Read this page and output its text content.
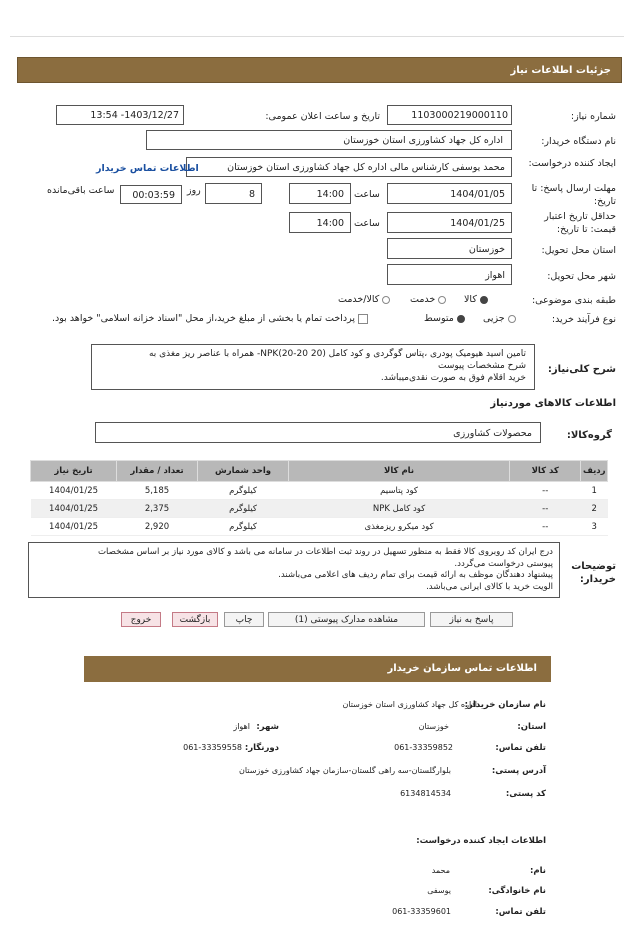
جزئیات اطلاعات نیاز
شماره نیاز:
1103000219000110
تاریخ و ساعت اعلان عمومی:
1403/12/27- 13:54
نام دستگاه خریدار:
اداره کل جهاد کشاورزی استان خوزستان
ایجاد کننده درخواست:
محمد یوسفی کارشناس مالی اداره کل جهاد کشاورزی استان خوزستان
اطلاعات تماس خریدار
مهلت ارسال پاسخ: تا تاریخ:
1404/01/05
ساعت
14:00
8
روز
00:03:59
ساعت باقی‌مانده
حداقل تاریخ اعتبار قیمت: تا تاریخ:
1404/01/25
ساعت
14:00
استان محل تحویل:
خوزستان
شهر محل تحویل:
اهواز
طبقه بندی موضوعی:
کالا
خدمت
کالا/خدمت
نوع فرآیند خرید:
جزیی
متوسط
پرداخت تمام یا بخشی از مبلغ خرید،از محل "اسناد خزانه اسلامی" خواهد بود.
شرح کلی‌نیاز:
تامین اسید هیومیک پودری ،پتاس گوگردی و کود کامل (20 20-20)NPK- همراه با عناصر ریز مغذی به
شرح مشخصات پیوست
خرید اقلام فوق به صورت نقدی‌میباشد.
اطلاعات کالاهای موردنیاز
گروه‌کالا:
محصولات کشاورزی
ردیف	کد کالا	نام کالا	واحد شمارش	تعداد / مقدار	تاریخ نیاز
1	--	کود پتاسیم	کیلوگرم	5,185	1404/01/25
2	--	کود کامل NPK	کیلوگرم	2,375	1404/01/25
3	--	کود میکرو ریزمغذی	کیلوگرم	2,920	1404/01/25
توضیحات خریدار:
درج ایران کد روبروی کالا فقط به منظور تسهیل در روند ثبت اطلاعات در سامانه می باشد و کالای مورد نیاز بر اساس مشخصات
پیوستی درخواست می‌گردد.
پیشنهاد دهندگان موظف به ارائه قیمت برای تمام ردیف های اعلامی می‌باشند.
الویت خرید با کالای ایرانی می‌باشد.
پاسخ به نیاز
مشاهده مدارک پیوستی (1)
چاپ
بازگشت
خروج
اطلاعات تماس سازمان خریدار
نام سازمان خریدار:
اداره کل جهاد کشاورزی استان خوزستان
استان:
خوزستان
شهر:
اهواز
تلفن تماس:
061-33359852
دورنگار:
061-33359558
آدرس پستی:
بلوارگلستان-سه راهی گلستان-سازمان جهاد کشاورزی خوزستان
کد پستی:
6134814534
اطلاعات ایجاد کننده درخواست:
نام:
محمد
نام خانوادگی:
یوسفی
تلفن تماس:
061-33359601
